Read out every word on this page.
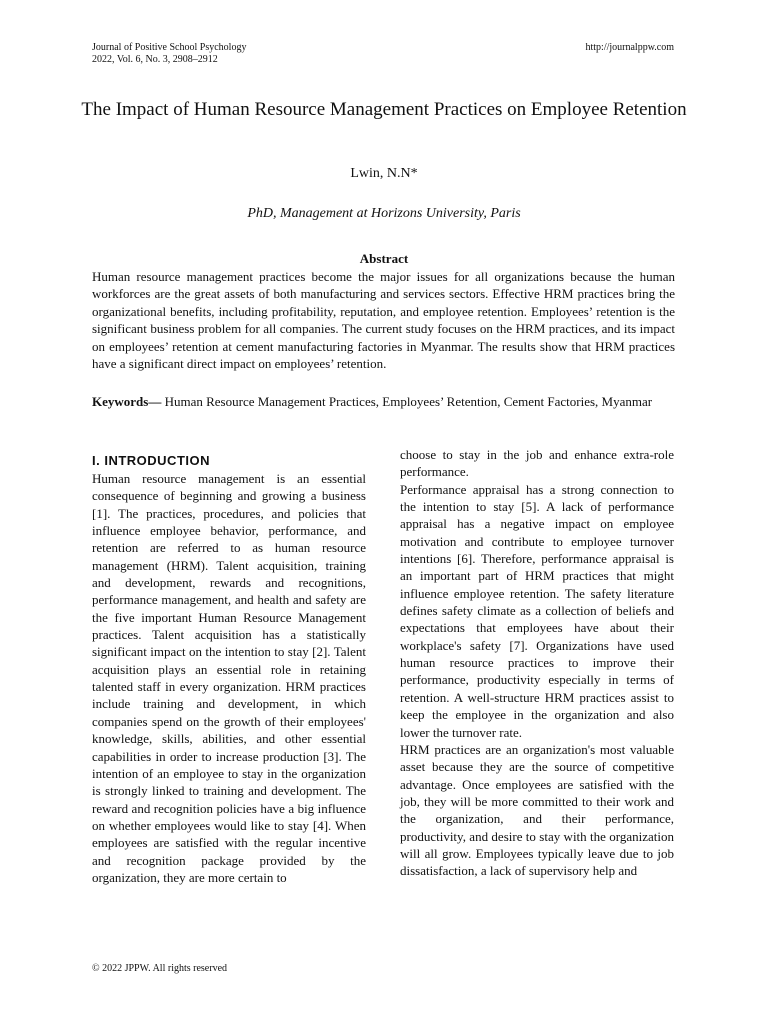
Journal of Positive School Psychology
2022, Vol. 6, No. 3, 2908–2912
http://journalppw.com
The Impact of Human Resource Management Practices on Employee Retention
Lwin, N.N*
PhD, Management at Horizons University, Paris
Abstract

Human resource management practices become the major issues for all organizations because the human workforces are the great assets of both manufacturing and services sectors. Effective HRM practices bring the organizational benefits, including profitability, reputation, and employee retention. Employees’ retention is the significant business problem for all companies. The current study focuses on the HRM practices, and its impact on employees’ retention at cement manufacturing factories in Myanmar. The results show that HRM practices have a significant direct impact on employees’ retention.

Keywords— Human Resource Management Practices, Employees’ Retention, Cement Factories, Myanmar

I. INTRODUCTION

Human resource management is an essential consequence of beginning and growing a business [1]. The practices, procedures, and policies that influence employee behavior, performance, and retention are referred to as human resource management (HRM). Talent acquisition, training and development, rewards and recognitions, performance management, and health and safety are the five important Human Resource Management practices. Talent acquisition has a statistically significant impact on the intention to stay [2]. Talent acquisition plays an essential role in retaining talented staff in every organization. HRM practices include training and development, in which companies spend on the growth of their employees' knowledge, skills, abilities, and other essential capabilities in order to increase production [3]. The intention of an employee to stay in the organization is strongly linked to training and development. The reward and recognition policies have a big influence on whether employees would like to stay [4]. When employees are satisfied with the regular incentive and recognition package provided by the organization, they are more certain to

choose to stay in the job and enhance extra-role performance.

Performance appraisal has a strong connection to the intention to stay [5]. A lack of performance appraisal has a negative impact on employee motivation and contribute to employee turnover intentions [6]. Therefore, performance appraisal is an important part of HRM practices that might influence employee retention. The safety literature defines safety climate as a collection of beliefs and expectations that employees have about their workplace's safety [7]. Organizations have used human resource practices to improve their performance, productivity especially in terms of retention. A well-structure HRM practices assist to keep the employee in the organization and also lower the turnover rate.

HRM practices are an organization's most valuable asset because they are the source of competitive advantage. Once employees are satisfied with the job, they will be more committed to their work and the organization, and their performance, productivity, and desire to stay with the organization will all grow. Employees typically leave due to job dissatisfaction, a lack of supervisory help and

© 2022 JPPW. All rights reserved
